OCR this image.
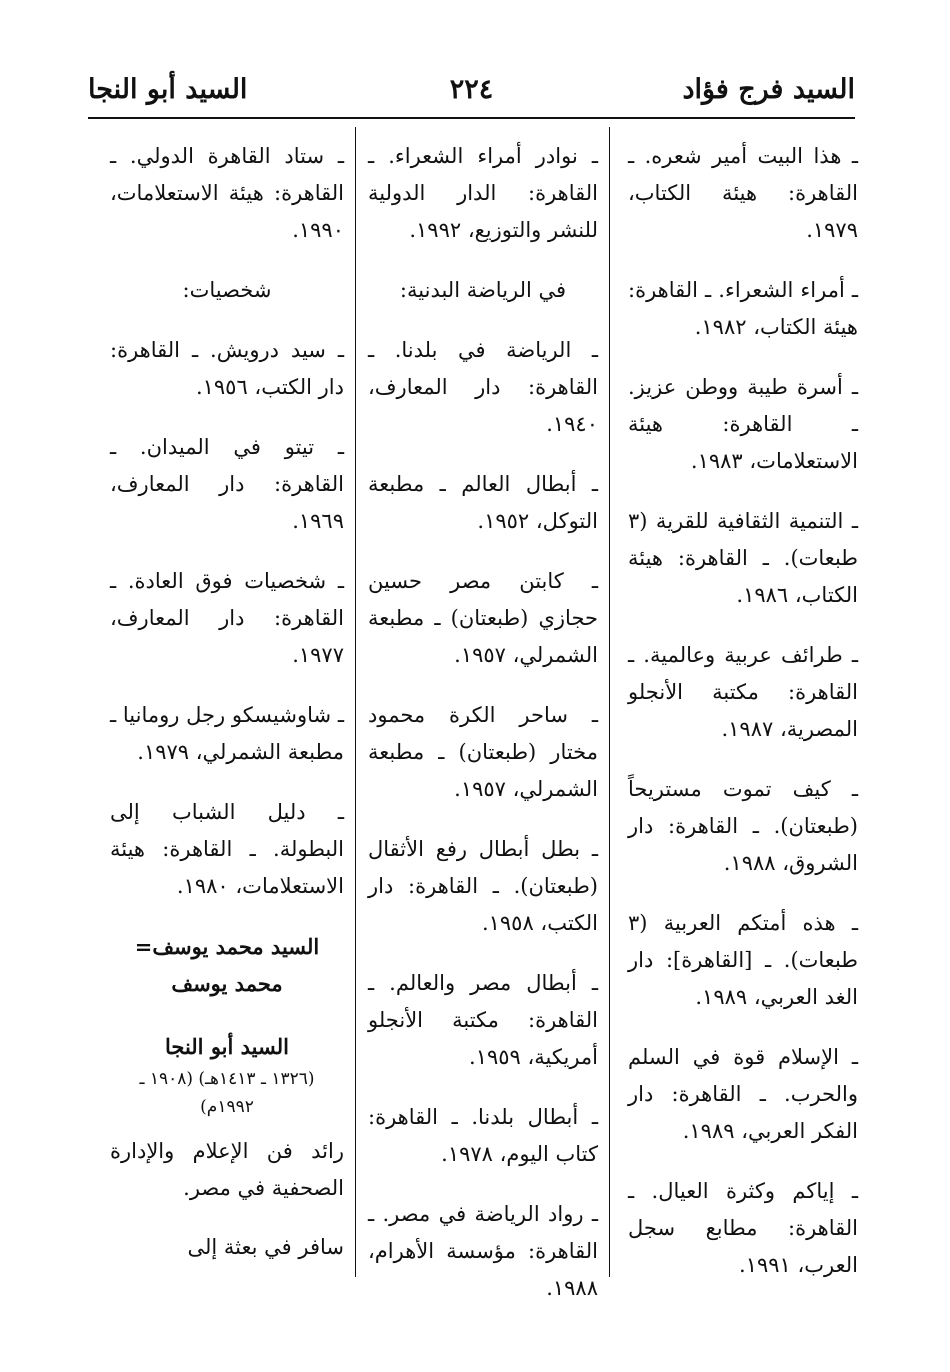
السيد فرج فؤاد
٢٢٤
السيد أبو النجا

ـ هذا البيت أمير شعره. ـ القاهرة: هيئة الكتاب، ١٩٧٩.

ـ أمراء الشعراء. ـ القاهرة: هيئة الكتاب، ١٩٨٢.

ـ أسرة طيبة ووطن عزيز. ـ القاهرة: هيئة الاستعلامات، ١٩٨٣.

ـ التنمية الثقافية للقرية (٣ طبعات). ـ القاهرة: هيئة الكتاب، ١٩٨٦.

ـ طرائف عربية وعالمية. ـ القاهرة: مكتبة الأنجلو المصرية، ١٩٨٧.

ـ كيف تموت مستريحاً (طبعتان). ـ القاهرة: دار الشروق، ١٩٨٨.

ـ هذه أمتكم العربية (٣ طبعات). ـ [القاهرة]: دار الغد العربي، ١٩٨٩.

ـ الإسلام قوة في السلم والحرب. ـ القاهرة: دار الفكر العربي، ١٩٨٩.

ـ إياكم وكثرة العيال. ـ القاهرة: مطابع سجل العرب، ١٩٩١.

ـ نوادر أمراء الشعراء. ـ القاهرة: الدار الدولية للنشر والتوزيع، ١٩٩٢.

في الرياضة البدنية:

ـ الرياضة في بلدنا. ـ القاهرة: دار المعارف، ١٩٤٠.

ـ أبطال العالم ـ مطبعة التوكل، ١٩٥٢.

ـ كابتن مصر حسين حجازي (طبعتان) ـ مطبعة الشمرلي، ١٩٥٧.

ـ ساحر الكرة محمود مختار (طبعتان) ـ مطبعة الشمرلي، ١٩٥٧.

ـ بطل أبطال رفع الأثقال (طبعتان). ـ القاهرة: دار الكتب، ١٩٥٨.

ـ أبطال مصر والعالم. ـ القاهرة: مكتبة الأنجلو أمريكية، ١٩٥٩.

ـ أبطال بلدنا. ـ القاهرة: كتاب اليوم، ١٩٧٨.

ـ رواد الرياضة في مصر. ـ القاهرة: مؤسسة الأهرام، ١٩٨٨.

ـ ستاد القاهرة الدولي. ـ القاهرة: هيئة الاستعلامات، ١٩٩٠.

شخصيات:

ـ سيد درويش. ـ القاهرة: دار الكتب، ١٩٥٦.

ـ تيتو في الميدان. ـ القاهرة: دار المعارف، ١٩٦٩.

ـ شخصيات فوق العادة. ـ القاهرة: دار المعارف، ١٩٧٧.

ـ شاوشيسكو رجل رومانيا ـ مطبعة الشمرلي، ١٩٧٩.

ـ دليل الشباب إلى البطولة. ـ القاهرة: هيئة الاستعلامات، ١٩٨٠.

السيد محمد يوسف= محمد يوسف

السيد أبو النجا

(١٣٢٦ ـ ١٤١٣هـ) (١٩٠٨ ـ ١٩٩٢م)

رائد فن الإعلام والإدارة الصحفية في مصر.

سافر في بعثة إلى
